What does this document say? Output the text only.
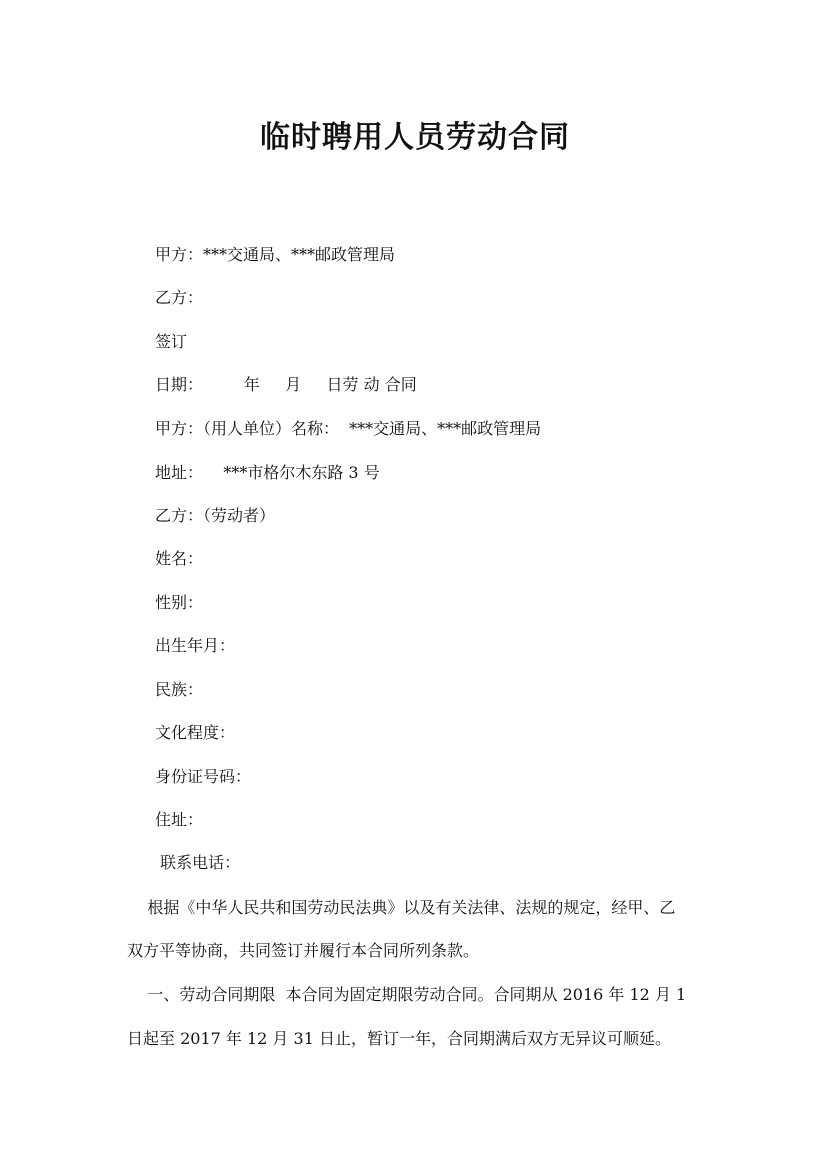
临时聘用人员劳动合同
甲方：***交通局、***邮政管理局
乙方：
签订
日期：        年     月     日劳 动 合同
甲方：（用人单位）名称：  ***交通局、***邮政管理局
地址：    ***市格尔木东路 3 号
乙方：（劳动者）
姓名：
性别：
出生年月：
民族：
文化程度：
身份证号码：
住址：
联系电话：
根据《中华人民共和国劳动民法典》以及有关法律、法规的规定，经甲、乙
双方平等协商，共同签订并履行本合同所列条款。
一、劳动合同期限  本合同为固定期限劳动合同。合同期从 2016 年 12 月 1
日起至 2017 年 12 月 31 日止，暂订一年，合同期满后双方无异议可顺延。
